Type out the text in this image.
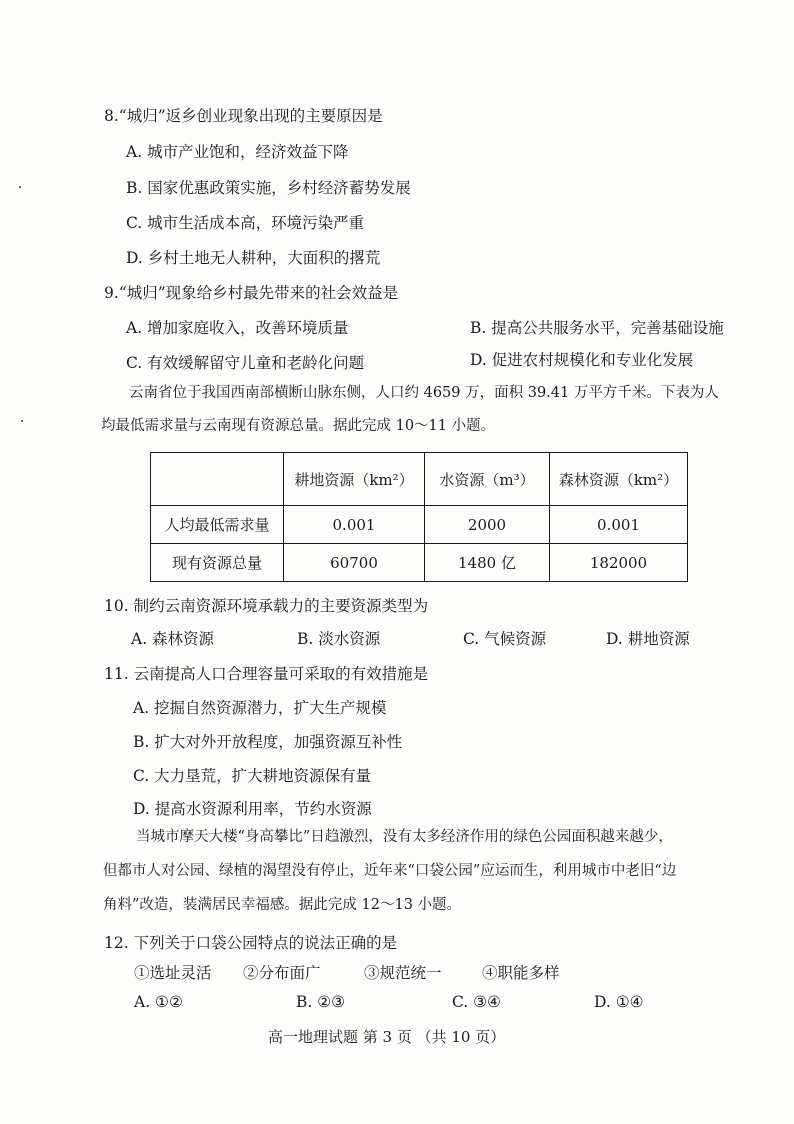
8.“城归”返乡创业现象出现的主要原因是
A. 城市产业饱和，经济效益下降
B. 国家优惠政策实施，乡村经济蓄势发展
C. 城市生活成本高，环境污染严重
D. 乡村土地无人耕种，大面积的撂荒
9.“城归”现象给乡村最先带来的社会效益是
A. 增加家庭收入，改善环境质量	B. 提高公共服务水平，完善基础设施
C. 有效缓解留守儿童和老龄化问题	D. 促进农村规模化和专业化发展
云南省位于我国西南部横断山脉东侧，人口约 4659 万，面积 39.41 万平方千米。下表为人
均最低需求量与云南现有资源总量。据此完成 10～11 小题。
	耕地资源（km²）	水资源（m³）	森林资源（km²）
人均最低需求量	0.001	2000	0.001
现有资源总量	60700	1480 亿	182000
10. 制约云南资源环境承载力的主要资源类型为
A. 森林资源	B. 淡水资源	C. 气候资源	D. 耕地资源
11. 云南提高人口合理容量可采取的有效措施是
A. 挖掘自然资源潜力，扩大生产规模
B. 扩大对外开放程度，加强资源互补性
C. 大力垦荒，扩大耕地资源保有量
D. 提高水资源利用率，节约水资源
当城市摩天大楼“身高攀比”日趋激烈，没有太多经济作用的绿色公园面积越来越少，
但都市人对公园、绿植的渴望没有停止，近年来“口袋公园”应运而生，利用城市中老旧“边
角料”改造，装满居民幸福感。据此完成 12～13 小题。
12. 下列关于口袋公园特点的说法正确的是
①选址灵活 ②分布面广	③规范统一	④职能多样
A. ①②	B. ②③	C. ③④	D. ①④
高一地理试题 第 3 页 （共 10 页）
